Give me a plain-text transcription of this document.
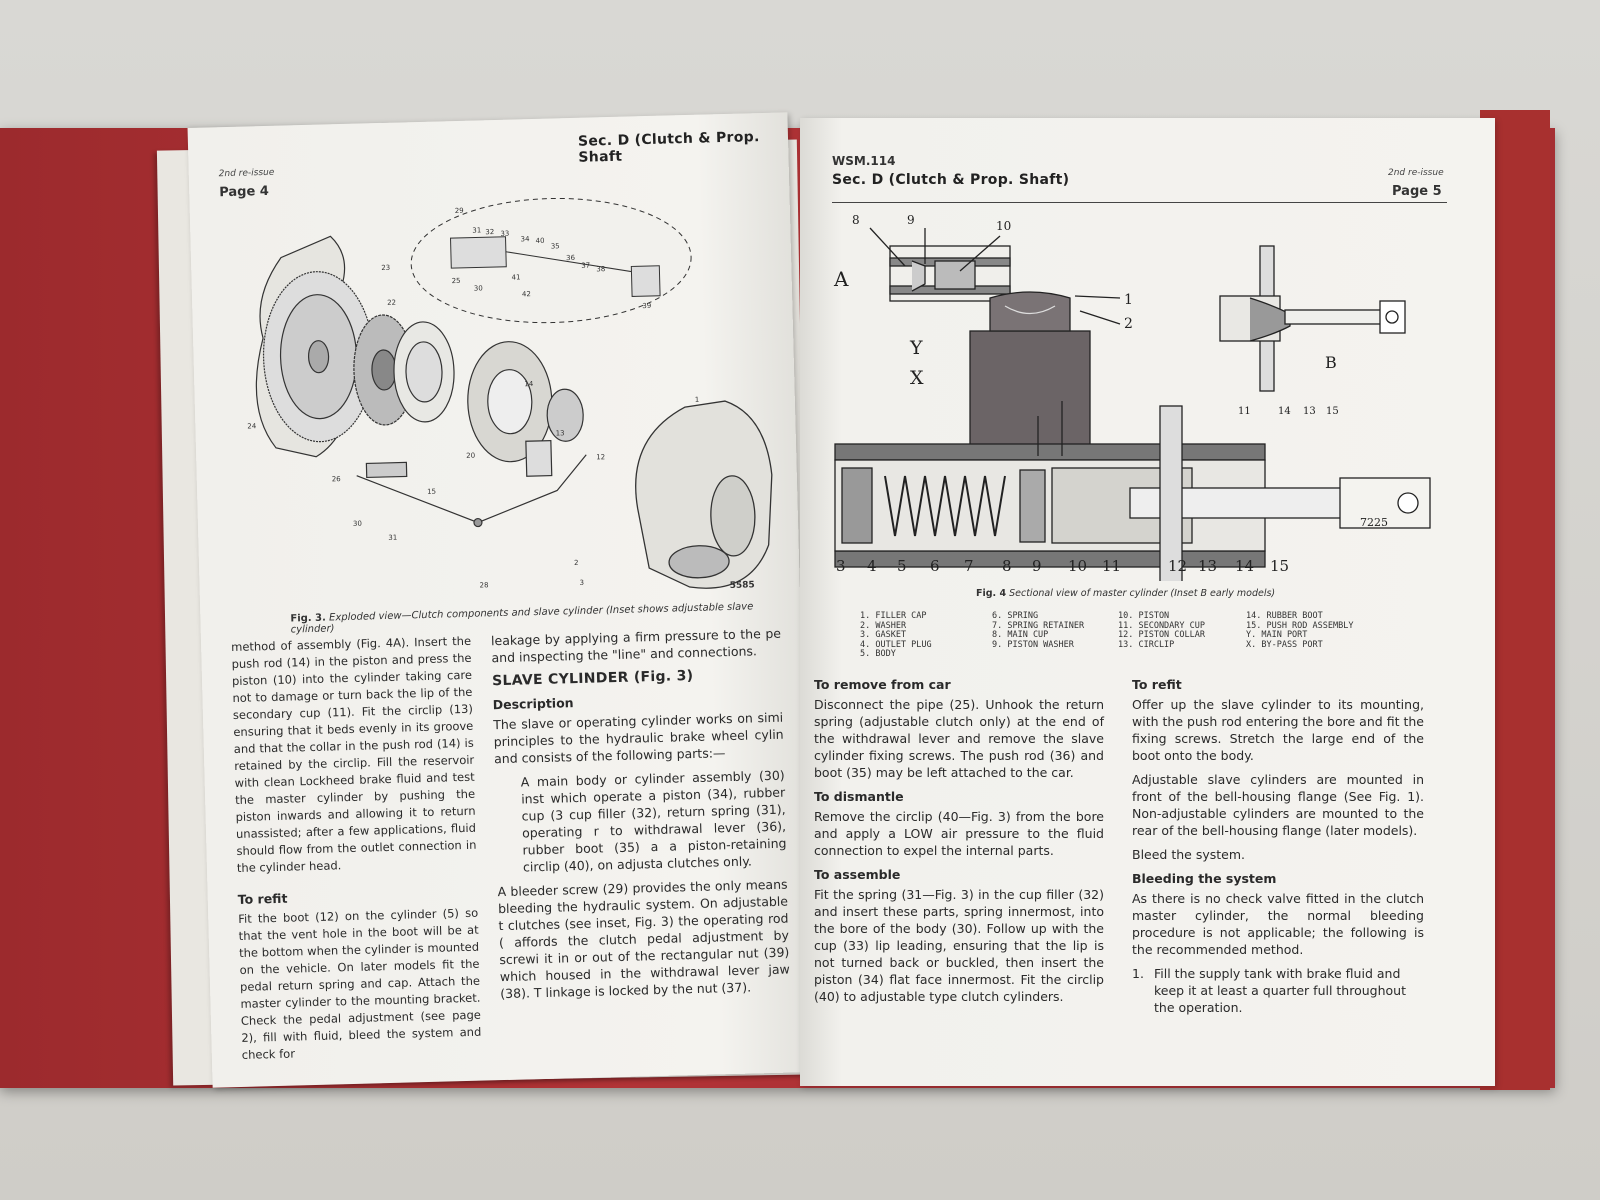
2nd re-issue
Page 4
Sec. D (Clutch & Prop. Shaft
23
22
24
15
26
20
14
13
12
1
30
31
28
2
3
31 32 33
34 40
35
36
37 38
39
29
25
30
41
42
5585
Fig. 3. Exploded view—Clutch components and slave cylinder (Inset shows adjustable slave cylinder)

method of assembly (Fig. 4A). Insert the push rod (14) in the piston and press the piston (10) into the cylinder taking care not to damage or turn back the lip of the secondary cup (11). Fit the circlip (13) ensuring that it beds evenly in its groove and that the collar in the push rod (14) is retained by the circlip. Fill the reservoir with clean Lockheed brake fluid and test the master cylinder by pushing the piston inwards and allowing it to return unassisted; after a few applications, fluid should flow from the outlet connection in the cylinder head.

To refit

Fit the boot (12) on the cylinder (5) so that the vent hole in the boot will be at the bottom when the cylinder is mounted on the vehicle. On later models fit the pedal return spring and cap. Attach the master cylinder to the mounting bracket. Check the pedal adjustment (see page 2), fill with fluid, bleed the system and check for

leakage by applying a firm pressure to the pe and inspecting the "line" and connections.

SLAVE CYLINDER (Fig. 3)
Description

The slave or operating cylinder works on simi principles to the hydraulic brake wheel cylin and consists of the following parts:—

A main body or cylinder assembly (30) inst which operate a piston (34), rubber cup (3 cup filler (32), return spring (31), operating r to withdrawal lever (36), rubber boot (35) a a piston-retaining circlip (40), on adjusta clutches only.

A bleeder screw (29) provides the only means bleeding the hydraulic system. On adjustable t clutches (see inset, Fig. 3) the operating rod ( affords the clutch pedal adjustment by screwi it in or out of the rectangular nut (39) which housed in the withdrawal lever jaw (38). T linkage is locked by the nut (37).

WSM.114
Sec. D (Clutch & Prop. Shaft)	2nd re-issue
Page 5
8	9	10
A
Y
X
B
1
2
11	14 13 15
7225
3 4 5 6 7 8 9 10 11	12 13 14 15
Fig. 4 Sectional view of master cylinder (Inset B early models)
1. FILLER CAP
2. WASHER
3. GASKET
4. OUTLET PLUG
5. BODY
6. SPRING
7. SPRING RETAINER
8. MAIN CUP
9. PISTON WASHER
10. PISTON
11. SECONDARY CUP
12. PISTON COLLAR
13. CIRCLIP
14. RUBBER BOOT
15. PUSH ROD ASSEMBLY
Y. MAIN PORT
X. BY-PASS PORT
To remove from car

Disconnect the pipe (25). Unhook the return spring (adjustable clutch only) at the end of the withdrawal lever and remove the slave cylinder fixing screws. The push rod (36) and boot (35) may be left attached to the car.

To dismantle

Remove the circlip (40—Fig. 3) from the bore and apply a LOW air pressure to the fluid connection to expel the internal parts.

To assemble

Fit the spring (31—Fig. 3) in the cup filler (32) and insert these parts, spring innermost, into the bore of the body (30). Follow up with the cup (33) lip leading, ensuring that the lip is not turned back or buckled, then insert the piston (34) flat face innermost. Fit the circlip (40) to adjustable type clutch cylinders.

To refit

Offer up the slave cylinder to its mounting, with the push rod entering the bore and fit the fixing screws. Stretch the large end of the boot onto the body.

Adjustable slave cylinders are mounted in front of the bell-housing flange (See Fig. 1). Non-adjustable cylinders are mounted to the rear of the bell-housing flange (later models).

Bleed the system.

Bleeding the system

As there is no check valve fitted in the clutch master cylinder, the normal bleeding procedure is not applicable; the following is the recommended method.

1. Fill the supply tank with brake fluid and keep it at least a quarter full throughout the operation.
